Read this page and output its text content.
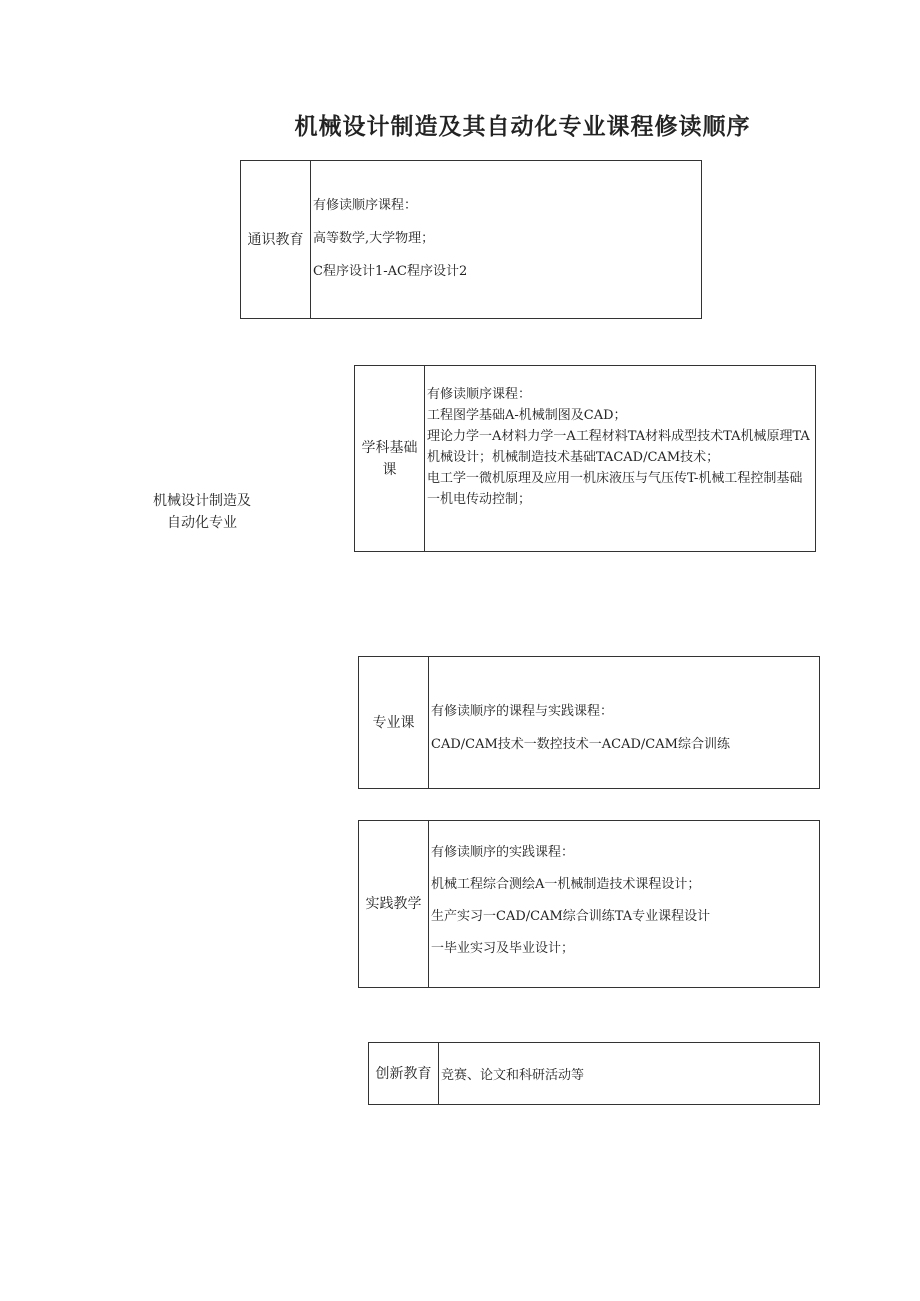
机械设计制造及其自动化专业课程修读顺序
机械设计制造及自动化专业
通识教育
有修读顺序课程：
高等数学,大学物理；
C程序设计1-AC程序设计2
学科基础课
有修读顺序课程：
工程图学基础A-机械制图及CAD；
理论力学一A材料力学一A工程材料TA材料成型技术TA机械原理TA机械设计；机械制造技术基础TACAD/CAM技术；
电工学一微机原理及应用一机床液压与气压传T-机械工程控制基础一机电传动控制；
专业课
有修读顺序的课程与实践课程：
CAD/CAM技术一数控技术一ACAD/CAM综合训练
实践教学
有修读顺序的实践课程：
机械工程综合测绘A一机械制造技术课程设计；
生产实习一CAD/CAM综合训练TA专业课程设计
一毕业实习及毕业设计；
创新教育 竞赛、论文和科研活动等
